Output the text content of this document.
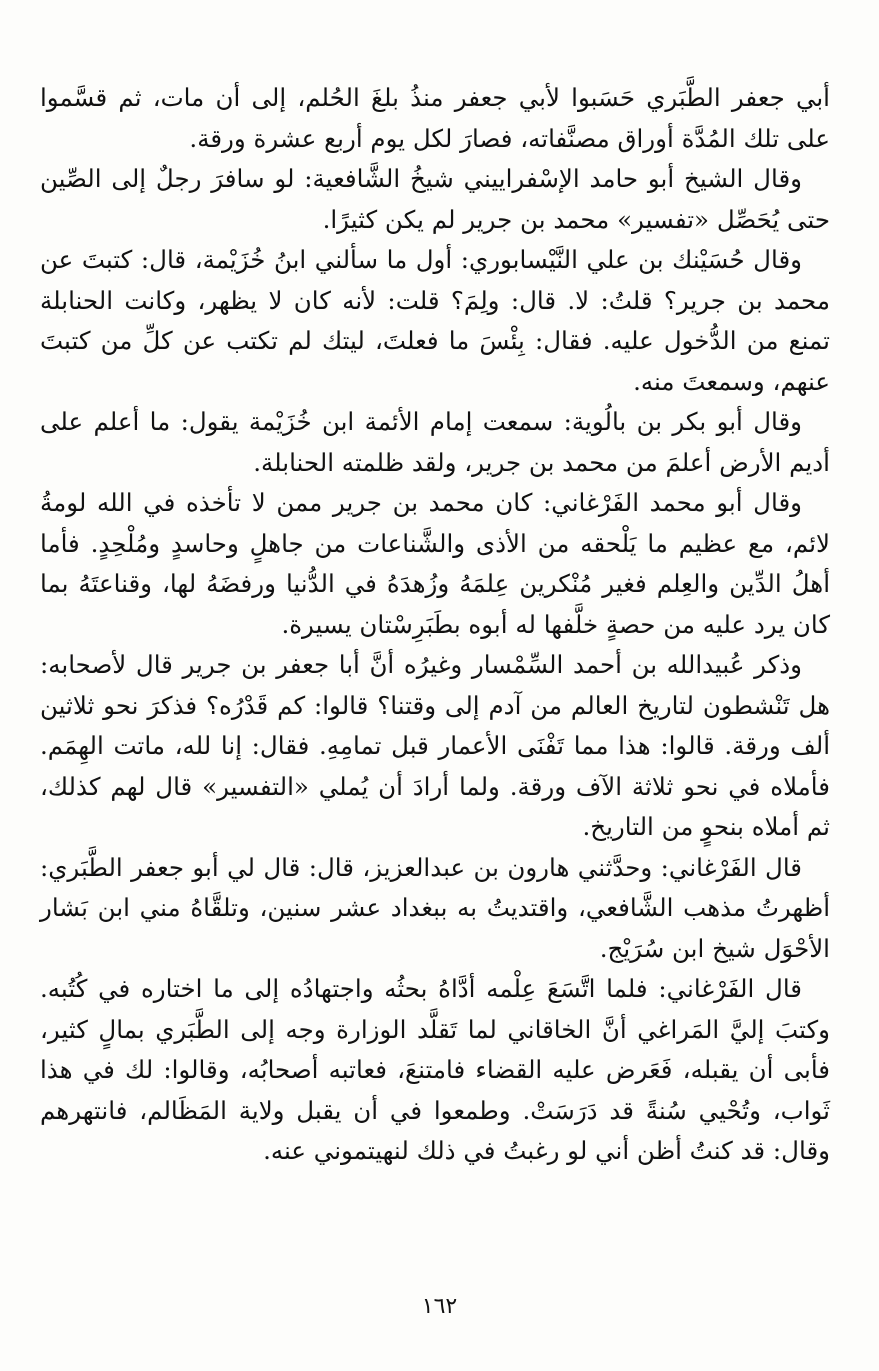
أبي جعفر الطَّبَري حَسَبوا لأبي جعفر منذُ بلغَ الحُلم، إلى أن مات، ثم قسَّموا على تلك المُدَّة أوراق مصنَّفاته، فصارَ لكل يوم أربع عشرة ورقة.

وقال الشيخ أبو حامد الإسْفراييني شيخُ الشَّافعية: لو سافرَ رجلٌ إلى الصِّين حتى يُحَصِّل «تفسير» محمد بن جرير لم يكن كثيرًا.

وقال حُسَيْنك بن علي النَّيْسابوري: أول ما سألني ابنُ خُزَيْمة، قال: كتبتَ عن محمد بن جرير؟ قلتُ: لا. قال: ولِمَ؟ قلت: لأنه كان لا يظهر، وكانت الحنابلة تمنع من الدُّخول عليه. فقال: بِئْسَ ما فعلتَ، ليتك لم تكتب عن كلِّ من كتبتَ عنهم، وسمعتَ منه.

وقال أبو بكر بن بالُوية: سمعت إمام الأئمة ابن خُزَيْمة يقول: ما أعلم على أديم الأرض أعلمَ من محمد بن جرير، ولقد ظلمته الحنابلة.

وقال أبو محمد الفَرْغاني: كان محمد بن جرير ممن لا تأخذه في الله لومةُ لائم، مع عظيم ما يَلْحقه من الأذى والشَّناعات من جاهلٍ وحاسدٍ ومُلْحِدٍ. فأما أهلُ الدِّين والعِلم فغير مُنْكرين عِلمَهُ وزُهدَهُ في الدُّنيا ورفضَهُ لها، وقناعتَهُ بما كان يرد عليه من حصةٍ خلَّفها له أبوه بطَبَرِسْتان يسيرة.

وذكر عُبيدالله بن أحمد السِّمْسار وغيرُه أنَّ أبا جعفر بن جرير قال لأصحابه: هل تَنْشطون لتاريخ العالم من آدم إلى وقتنا؟ قالوا: كم قَدْرُه؟ فذكرَ نحو ثلاثين ألف ورقة. قالوا: هذا مما تَفْنَى الأعمار قبل تمامِهِ. فقال: إنا لله، ماتت الهِمَم. فأملاه في نحو ثلاثة الآف ورقة. ولما أرادَ أن يُملي «التفسير» قال لهم كذلك، ثم أملاه بنحوٍ من التاريخ.

قال الفَرْغاني: وحدَّثني هارون بن عبدالعزيز، قال: قال لي أبو جعفر الطَّبَري: أظهرتُ مذهب الشَّافعي، واقتديتُ به ببغداد عشر سنين، وتلقَّاهُ مني ابن بَشار الأحْوَل شيخ ابن سُرَيْج.

قال الفَرْغاني: فلما اتَّسَعَ عِلْمه أدَّاهُ بحثُه واجتهادُه إلى ما اختاره في كُتُبه. وكتبَ إليَّ المَراغي أنَّ الخاقاني لما تَقلَّد الوزارة وجه إلى الطَّبَري بمالٍ كثير، فأبى أن يقبله، فَعَرض عليه القضاء فامتنعَ، فعاتبه أصحابُه، وقالوا: لك في هذا ثَواب، وتُحْيي سُنةً قد دَرَسَتْ. وطمعوا في أن يقبل ولاية المَظَالم، فانتهرهم وقال: قد كنتُ أظن أني لو رغبتُ في ذلك لنهيتموني عنه.

١٦٢
